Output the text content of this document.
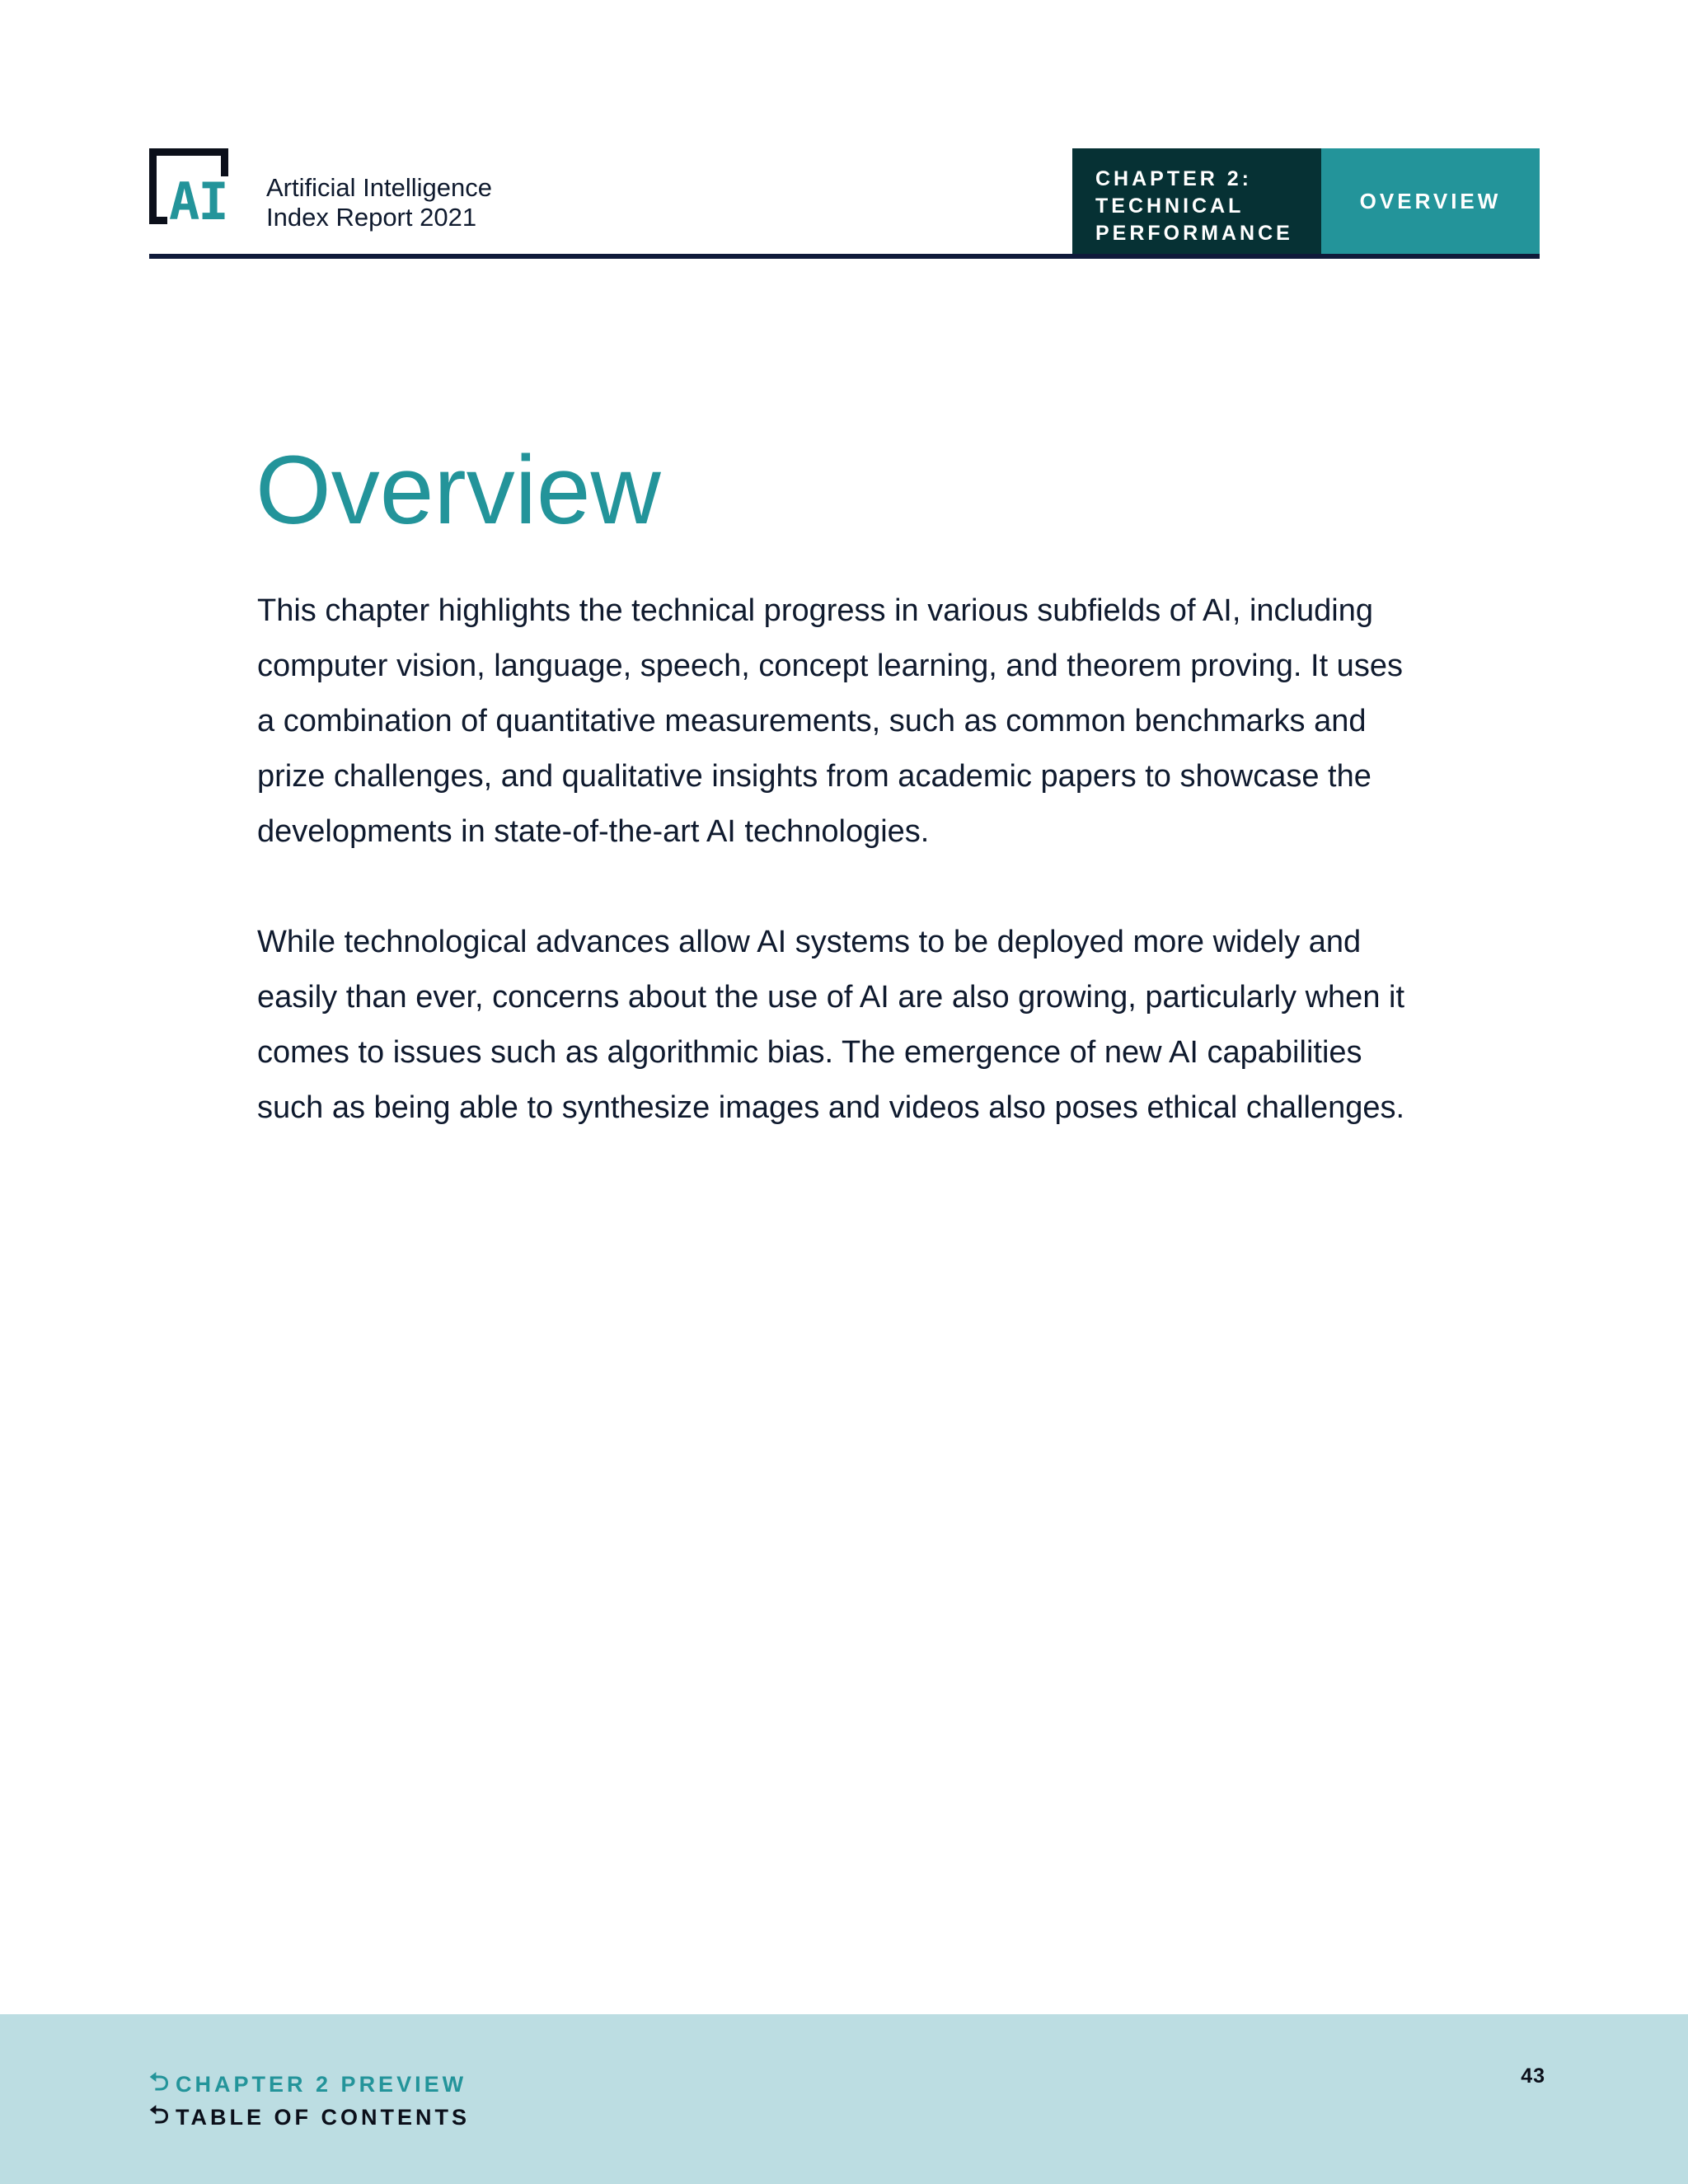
AI Artificial Intelligence
Index Report 2021
CHAPTER 2:
TECHNICAL
PERFORMANCE
OVERVIEW
Overview

This chapter highlights the technical progress in various subfields of AI, including computer vision, language, speech, concept learning, and theorem proving. It uses a combination of quantitative measurements, such as common benchmarks and prize challenges, and qualitative insights from academic papers to showcase the developments in state-of-the-art AI technologies.

While technological advances allow AI systems to be deployed more widely and easily than ever, concerns about the use of AI are also growing, particularly when it comes to issues such as algorithmic bias. The emergence of new AI capabilities such as being able to synthesize images and videos also poses ethical challenges.

⮌ CHAPTER 2 PREVIEW
⮌ TABLE OF CONTENTS
43
